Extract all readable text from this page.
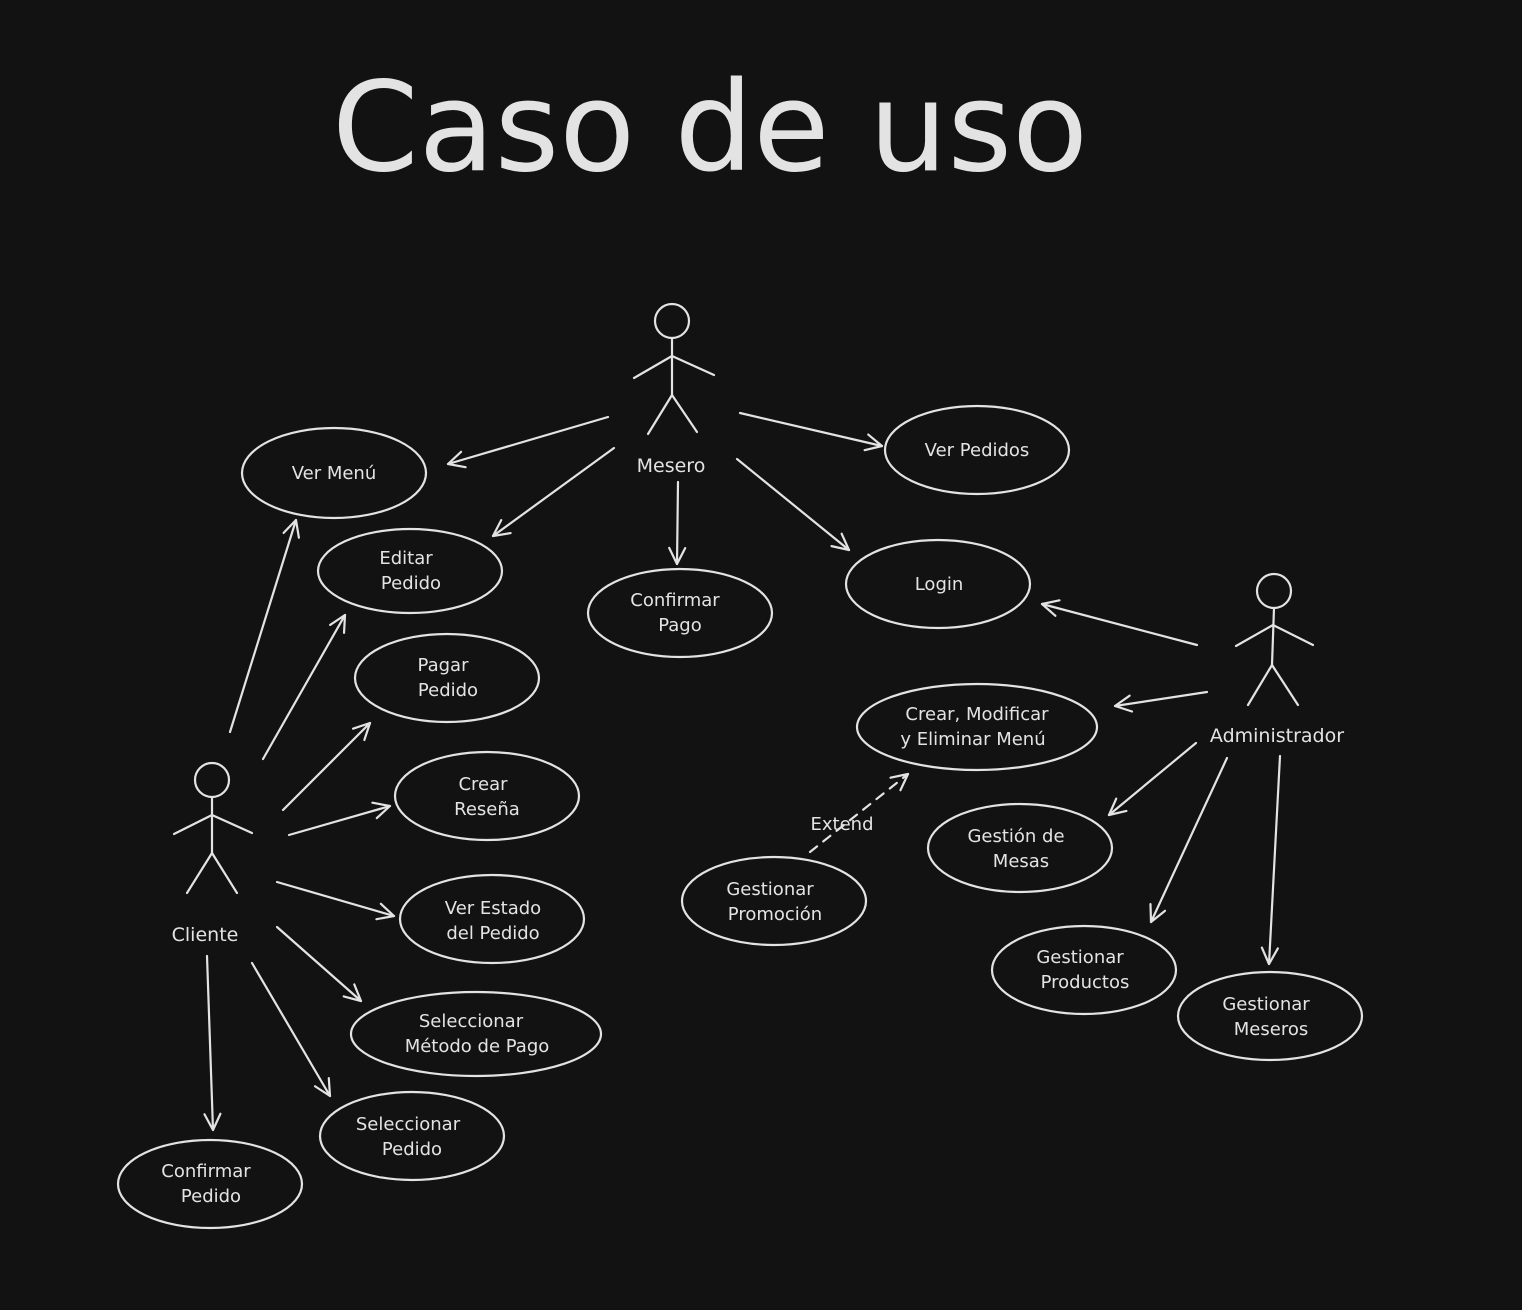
Caso de uso
Mesero
Cliente
Administrador
Ver Menú
Editar Pedido
Confirmar Pago
Ver Pedidos
Login
Pagar Pedido
Crear Reseña
Ver Estado del Pedido
Seleccionar Método de Pago
Seleccionar Pedido
Confirmar Pedido
Crear, Modificar y Eliminar Menú
Gestión de Mesas
Gestionar Productos
Gestionar Meseros
Gestionar Promoción
Extend
